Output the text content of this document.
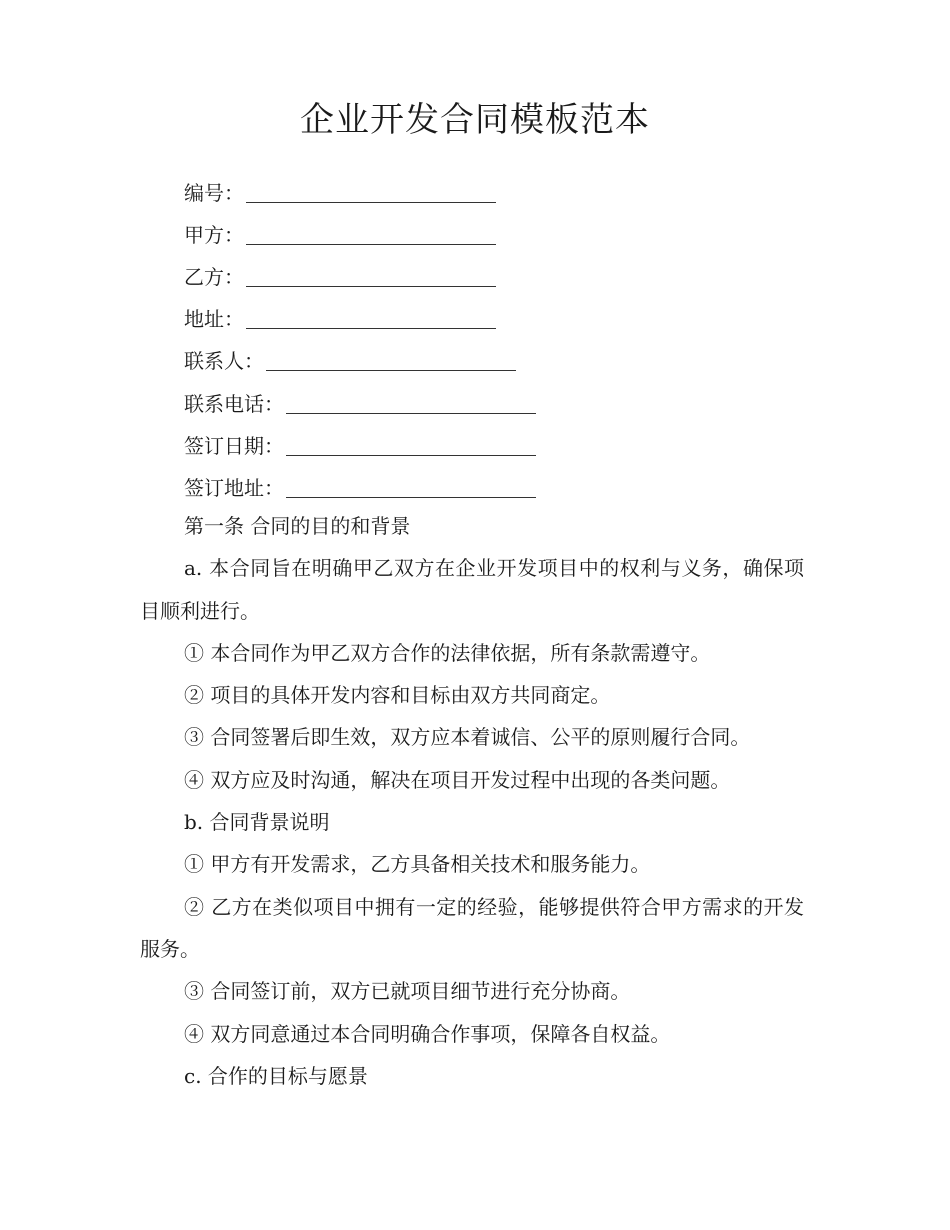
企业开发合同模板范本
编号：
甲方：
乙方：
地址：
联系人：
联系电话：
签订日期：
签订地址：

第一条 合同的目的和背景

a. 本合同旨在明确甲乙双方在企业开发项目中的权利与义务，确保项目顺利进行。

① 本合同作为甲乙双方合作的法律依据，所有条款需遵守。

② 项目的具体开发内容和目标由双方共同商定。

③ 合同签署后即生效，双方应本着诚信、公平的原则履行合同。

④ 双方应及时沟通，解决在项目开发过程中出现的各类问题。

b. 合同背景说明

① 甲方有开发需求，乙方具备相关技术和服务能力。

② 乙方在类似项目中拥有一定的经验，能够提供符合甲方需求的开发服务。

③ 合同签订前，双方已就项目细节进行充分协商。

④ 双方同意通过本合同明确合作事项，保障各自权益。

c. 合作的目标与愿景
